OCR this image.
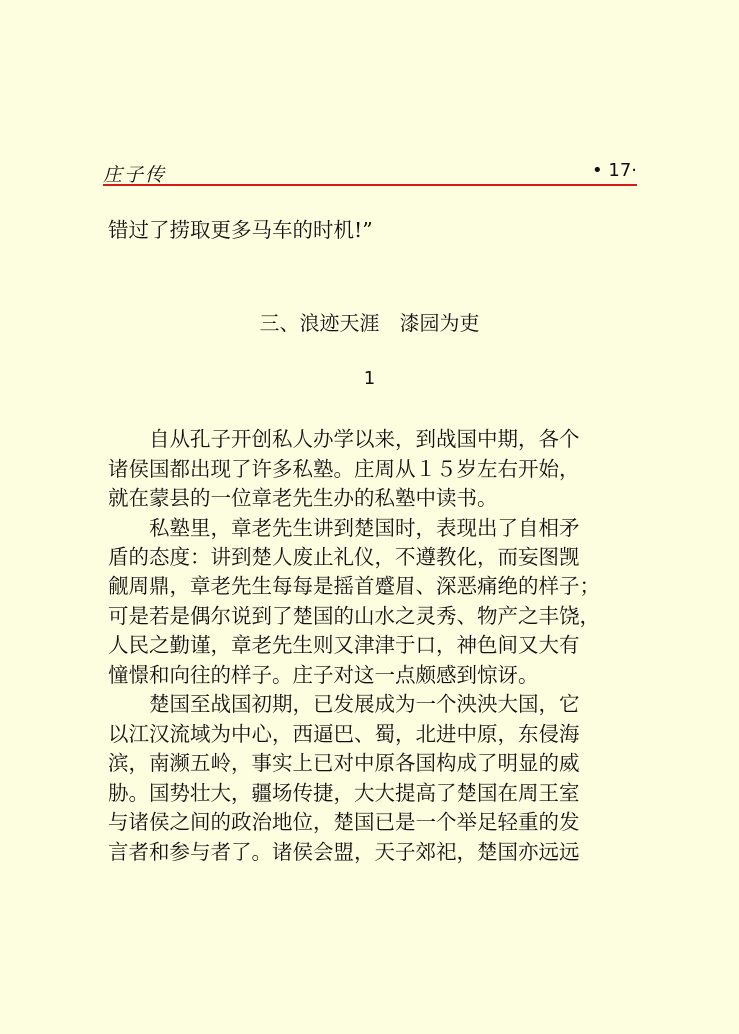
庄子传	• 17·
错过了捞取更多马车的时机!”
三、浪迹天涯　漆园为吏
1
自从孔子开创私人办学以来，到战国中期，各个
诸侯国都出现了许多私塾。庄周从１５岁左右开始，
就在蒙县的一位章老先生办的私塾中读书。
私塾里，章老先生讲到楚国时，表现出了自相矛
盾的态度：讲到楚人废止礼仪，不遵教化，而妄图觊
觎周鼎，章老先生每每是摇首蹙眉、深恶痛绝的样子；
可是若是偶尔说到了楚国的山水之灵秀、物产之丰饶，
人民之勤谨，章老先生则又津津于口，神色间又大有
憧憬和向往的样子。庄子对这一点颇感到惊讶。
楚国至战国初期，已发展成为一个泱泱大国，它
以江汉流域为中心，西逼巴、蜀，北进中原，东侵海
滨，南濒五岭，事实上已对中原各国构成了明显的威
胁。国势壮大，疆场传捷，大大提高了楚国在周王室
与诸侯之间的政治地位，楚国已是一个举足轻重的发
言者和参与者了。诸侯会盟，天子郊祀，楚国亦远远
